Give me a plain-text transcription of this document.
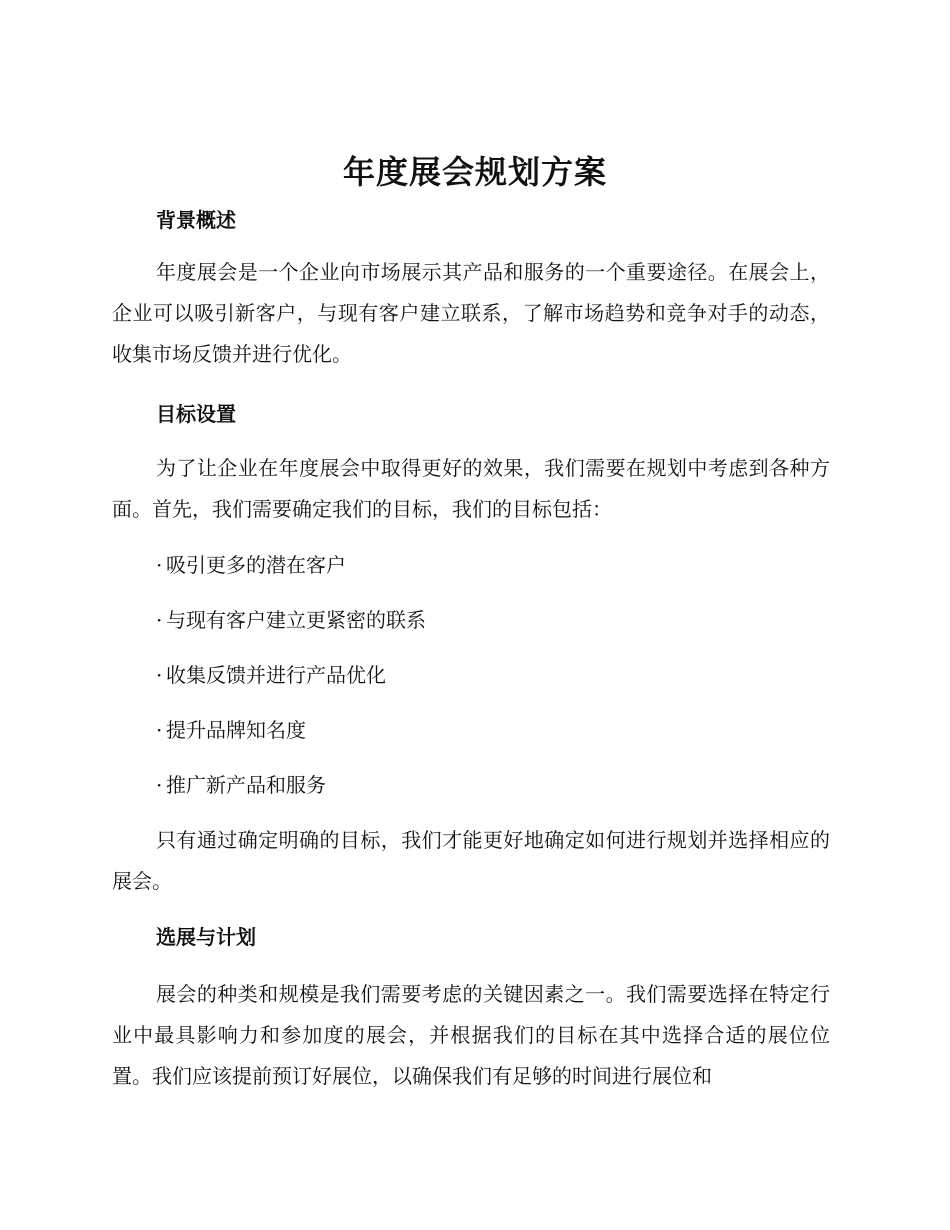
年度展会规划方案
背景概述

年度展会是一个企业向市场展示其产品和服务的一个重要途径。在展会上，企业可以吸引新客户，与现有客户建立联系，了解市场趋势和竞争对手的动态，收集市场反馈并进行优化。

目标设置

为了让企业在年度展会中取得更好的效果，我们需要在规划中考虑到各种方面。首先，我们需要确定我们的目标，我们的目标包括：

· 吸引更多的潜在客户
· 与现有客户建立更紧密的联系
· 收集反馈并进行产品优化
· 提升品牌知名度
· 推广新产品和服务

只有通过确定明确的目标，我们才能更好地确定如何进行规划并选择相应的展会。

选展与计划

展会的种类和规模是我们需要考虑的关键因素之一。我们需要选择在特定行业中最具影响力和参加度的展会，并根据我们的目标在其中选择合适的展位位置。我们应该提前预订好展位，以确保我们有足够的时间进行展位和
